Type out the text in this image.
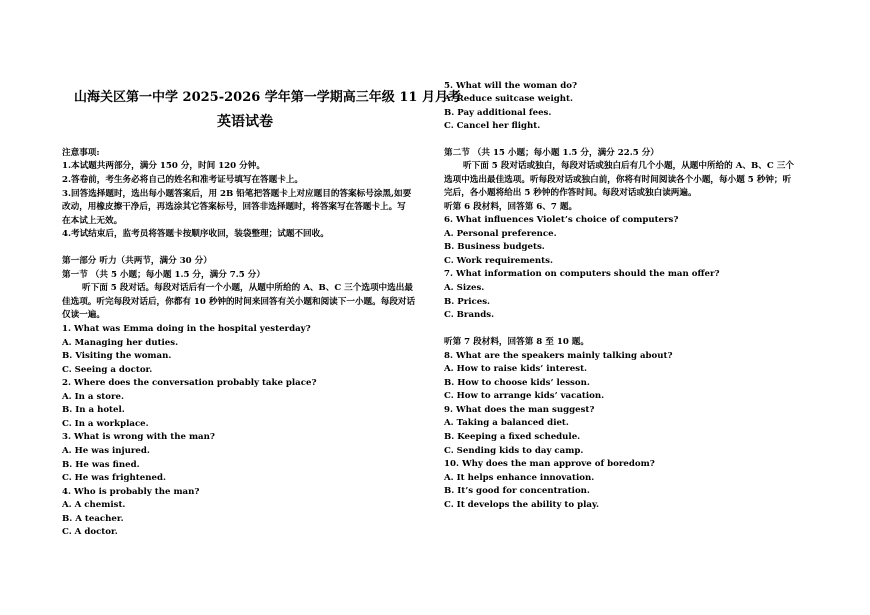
山海关区第一中学 2025-2026 学年第一学期高三年级 11 月月考
英语试卷
注意事项:
1.本试题共两部分，满分 150 分，时间 120 分钟。
2.答卷前，考生务必将自己的姓名和准考证号填写在答题卡上。
3.回答选择题时，选出每小题答案后，用 2B 铅笔把答题卡上对应题目的答案标号涂黑,如要
改动，用橡皮擦干净后，再选涂其它答案标号，回答非选择题时，将答案写在答题卡上。写
在本试上无效。
4.考试结束后，监考员将答题卡按顺序收回，装袋整理；试题不回收。
第一部分 听力（共两节，满分 30 分）
第一节 （共 5 小题；每小题 1.5 分，满分 7.5 分）
听下面 5 段对话。每段对话后有一个小题，从题中所给的 A、B、C 三个选项中选出最
佳选项。听完每段对话后，你都有 10 秒钟的时间来回答有关小题和阅读下一小题。每段对话
仅读一遍。
1. What was Emma doing in the hospital yesterday?
A. Managing her duties.
B. Visiting the woman.
C. Seeing a doctor.
2. Where does the conversation probably take place?
A. In a store.
B. In a hotel.
C. In a workplace.
3. What is wrong with the man?
A. He was injured.
B. He was fined.
C. He was frightened.
4. Who is probably the man?
A. A chemist.
B. A teacher.
C. A doctor.
5. What will the woman do?
A. Reduce suitcase weight.
B. Pay additional fees.
C. Cancel her flight.
第二节 （共 15 小题；每小题 1.5 分，满分 22.5 分）
听下面 5 段对话或独白，每段对话或独白后有几个小题，从题中所给的 A、B、C 三个
选项中选出最佳选项。听每段对话或独白前，你将有时间阅读各个小题，每小题 5 秒钟；听
完后，各小题将给出 5 秒钟的作答时间。每段对话或独白读两遍。
听第 6 段材料，回答第 6、7 题。
6. What influences Violet’s choice of computers?
A. Personal preference.
B. Business budgets.
C. Work requirements.
7. What information on computers should the man offer?
A. Sizes.
B. Prices.
C. Brands.
听第 7 段材料，回答第 8 至 10 题。
8. What are the speakers mainly talking about?
A. How to raise kids’ interest.
B. How to choose kids’ lesson.
C. How to arrange kids’ vacation.
9. What does the man suggest?
A. Taking a balanced diet.
B. Keeping a fixed schedule.
C. Sending kids to day camp.
10. Why does the man approve of boredom?
A. It helps enhance innovation.
B. It’s good for concentration.
C. It develops the ability to play.
